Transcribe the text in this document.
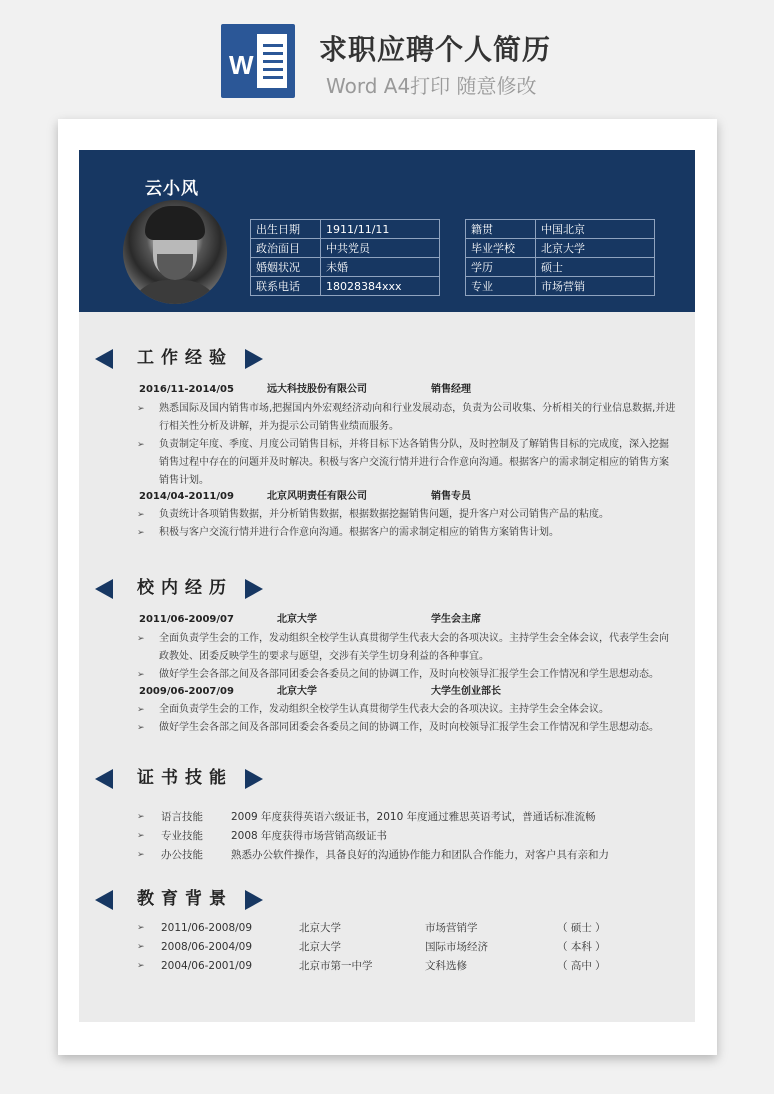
W 求职应聘个人简历
Word A4打印 随意修改
云小风
出生日期	1911/11/11
政治面目	中共党员
婚姻状况	未婚
联系电话	18028384xxx
籍贯	中国北京
毕业学校	北京大学
学历	硕士
专业	市场营销
工作经验
2016/11-2014/05	远大科技股份有限公司	销售经理
➢ 熟悉国际及国内销售市场,把握国内外宏观经济动向和行业发展动态，负责为公司收集、分析相关的行业信息数据,并进行相关性分析及讲解，并为提示公司销售业绩而服务。
➢ 负责制定年度、季度、月度公司销售目标，并将目标下达各销售分队，及时控制及了解销售目标的完成度，深入挖掘销售过程中存在的问题并及时解决。积极与客户交流行情并进行合作意向沟通。根据客户的需求制定相应的销售方案销售计划。
2014/04-2011/09	北京风明责任有限公司	销售专员
➢ 负责统计各项销售数据，并分析销售数据，根据数据挖掘销售问题，提升客户对公司销售产品的粘度。
➢ 积极与客户交流行情并进行合作意向沟通。根据客户的需求制定相应的销售方案销售计划。
校内经历
2011/06-2009/07	北京大学	学生会主席
➢ 全面负责学生会的工作，发动组织全校学生认真贯彻学生代表大会的各项决议。主持学生会全体会议，代表学生会向政教处、团委反映学生的要求与愿望，交涉有关学生切身利益的各种事宜。
➢ 做好学生会各部之间及各部同团委会各委员之间的协调工作，及时向校领导汇报学生会工作情况和学生思想动态。
2009/06-2007/09	北京大学	大学生创业部长
➢ 全面负责学生会的工作，发动组织全校学生认真贯彻学生代表大会的各项决议。主持学生会全体会议。
➢ 做好学生会各部之间及各部同团委会各委员之间的协调工作，及时向校领导汇报学生会工作情况和学生思想动态。
证书技能
➢ 语言技能	2009 年度获得英语六级证书，2010 年度通过雅思英语考试，普通话标准流畅
➢ 专业技能	2008 年度获得市场营销高级证书
➢ 办公技能	熟悉办公软件操作，具备良好的沟通协作能力和团队合作能力，对客户具有亲和力
教育背景
➢ 2011/06-2008/09	北京大学	市场营销学	（ 硕士 ）
➢ 2008/06-2004/09	北京大学	国际市场经济	（ 本科 ）
➢ 2004/06-2001/09	北京市第一中学	文科选修	（ 高中 ）
